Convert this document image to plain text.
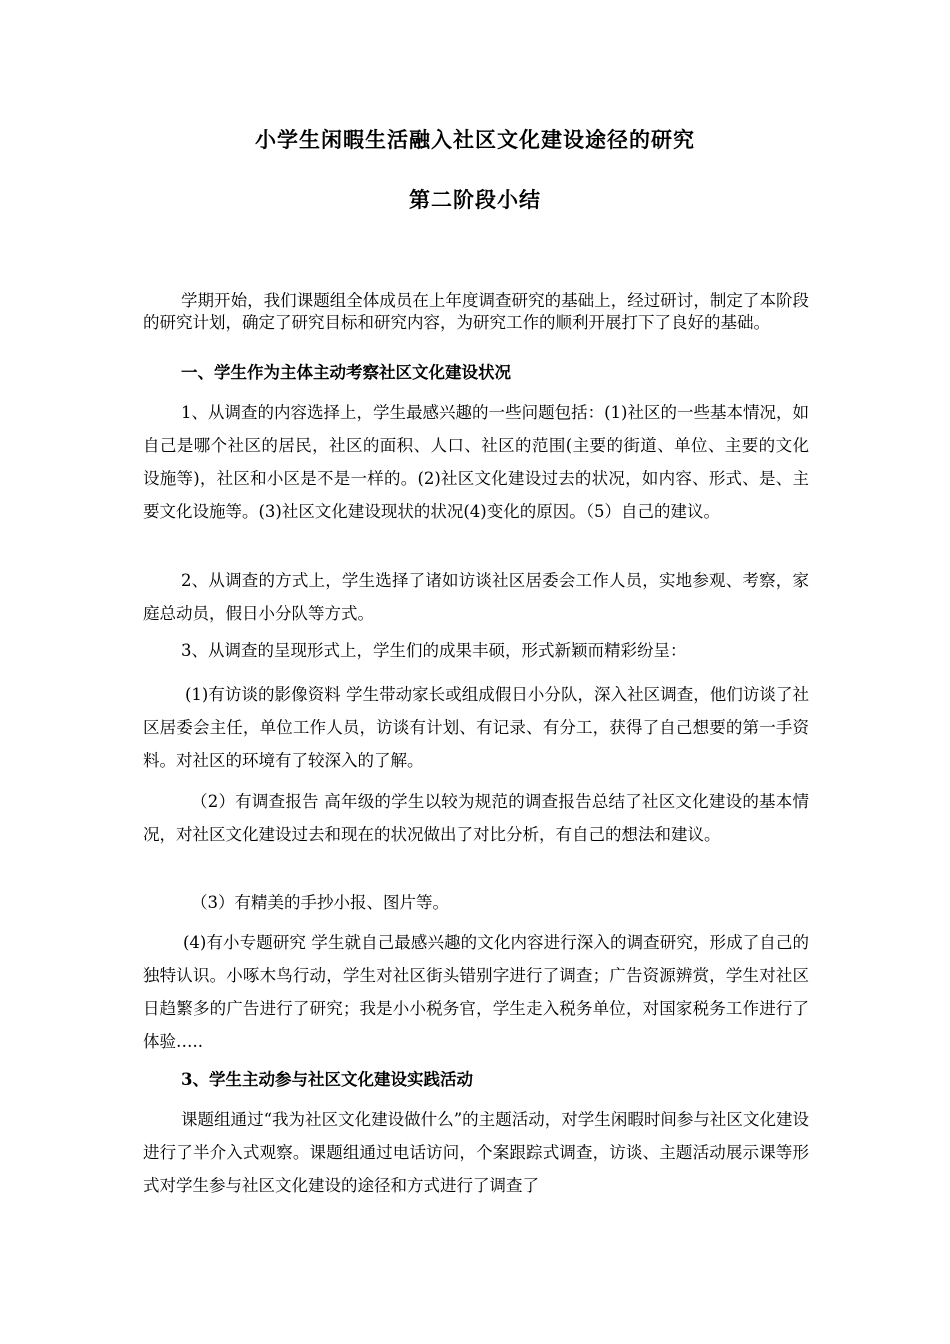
小学生闲暇生活融入社区文化建设途径的研究
第二阶段小结

学期开始，我们课题组全体成员在上年度调查研究的基础上，经过研讨，制定了本阶段的研究计划，确定了研究目标和研究内容，为研究工作的顺利开展打下了良好的基础。

一、学生作为主体主动考察社区文化建设状况

1、从调查的内容选择上，学生最感兴趣的一些问题包括：(1)社区的一些基本情况，如自己是哪个社区的居民，社区的面积、人口、社区的范围(主要的街道、单位、主要的文化设施等)，社区和小区是不是一样的。(2)社区文化建设过去的状况，如内容、形式、是、主要文化设施等。(3)社区文化建设现状的状况(4)变化的原因。（5）自己的建议。

2、从调查的方式上，学生选择了诸如访谈社区居委会工作人员，实地参观、考察，家庭总动员，假日小分队等方式。

3、从调查的呈现形式上，学生们的成果丰硕，形式新颖而精彩纷呈：

(1)有访谈的影像资料 学生带动家长或组成假日小分队，深入社区调查，他们访谈了社区居委会主任，单位工作人员，访谈有计划、有记录、有分工，获得了自己想要的第一手资料。对社区的环境有了较深入的了解。

（2）有调查报告 高年级的学生以较为规范的调查报告总结了社区文化建设的基本情况，对社区文化建设过去和现在的状况做出了对比分析，有自己的想法和建议。

（3）有精美的手抄小报、图片等。

(4)有小专题研究 学生就自己最感兴趣的文化内容进行深入的调查研究，形成了自己的独特认识。小啄木鸟行动，学生对社区街头错别字进行了调查；广告资源辨赏，学生对社区日趋繁多的广告进行了研究；我是小小税务官，学生走入税务单位，对国家税务工作进行了体验…..

3、学生主动参与社区文化建设实践活动

课题组通过“我为社区文化建设做什么”的主题活动，对学生闲暇时间参与社区文化建设进行了半介入式观察。课题组通过电话访问，个案跟踪式调查，访谈、主题活动展示课等形式对学生参与社区文化建设的途径和方式进行了调查了
